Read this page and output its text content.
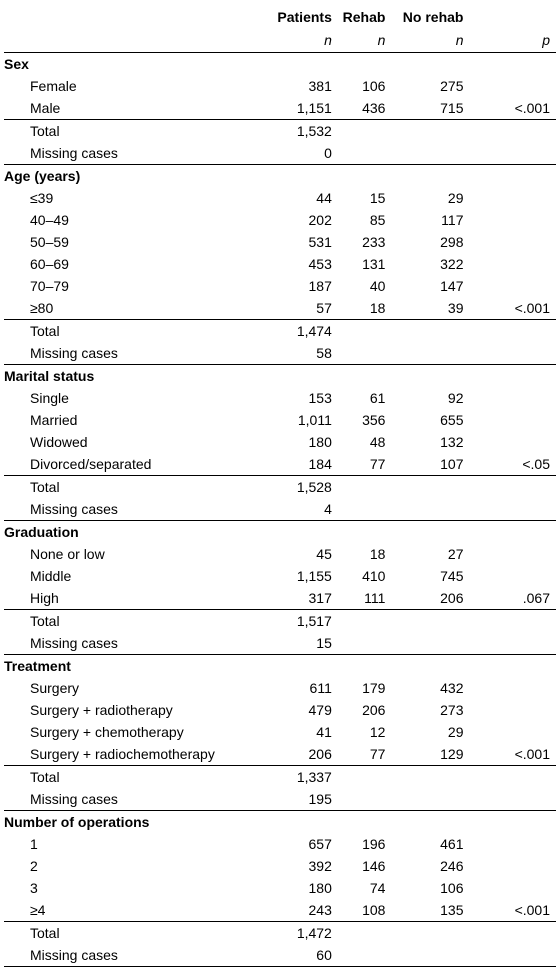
	Patients	Rehab	No rehab	
	n	n	n	p
Sex				
Female	381	106	275	
Male	1,151	436	715	<.001
Total	1,532			
Missing cases	0			
Age (years)				
≤39	44	15	29	
40–49	202	85	117	
50–59	531	233	298	
60–69	453	131	322	
70–79	187	40	147	
≥80	57	18	39	<.001
Total	1,474			
Missing cases	58			
Marital status				
Single	153	61	92	
Married	1,011	356	655	
Widowed	180	48	132	
Divorced/separated	184	77	107	<.05
Total	1,528			
Missing cases	4			
Graduation				
None or low	45	18	27	
Middle	1,155	410	745	
High	317	111	206	.067
Total	1,517			
Missing cases	15			
Treatment				
Surgery	611	179	432	
Surgery + radiotherapy	479	206	273	
Surgery + chemotherapy	41	12	29	
Surgery + radiochemotherapy	206	77	129	<.001
Total	1,337			
Missing cases	195			
Number of operations				
1	657	196	461	
2	392	146	246	
3	180	74	106	
≥4	243	108	135	<.001
Total	1,472			
Missing cases	60			
